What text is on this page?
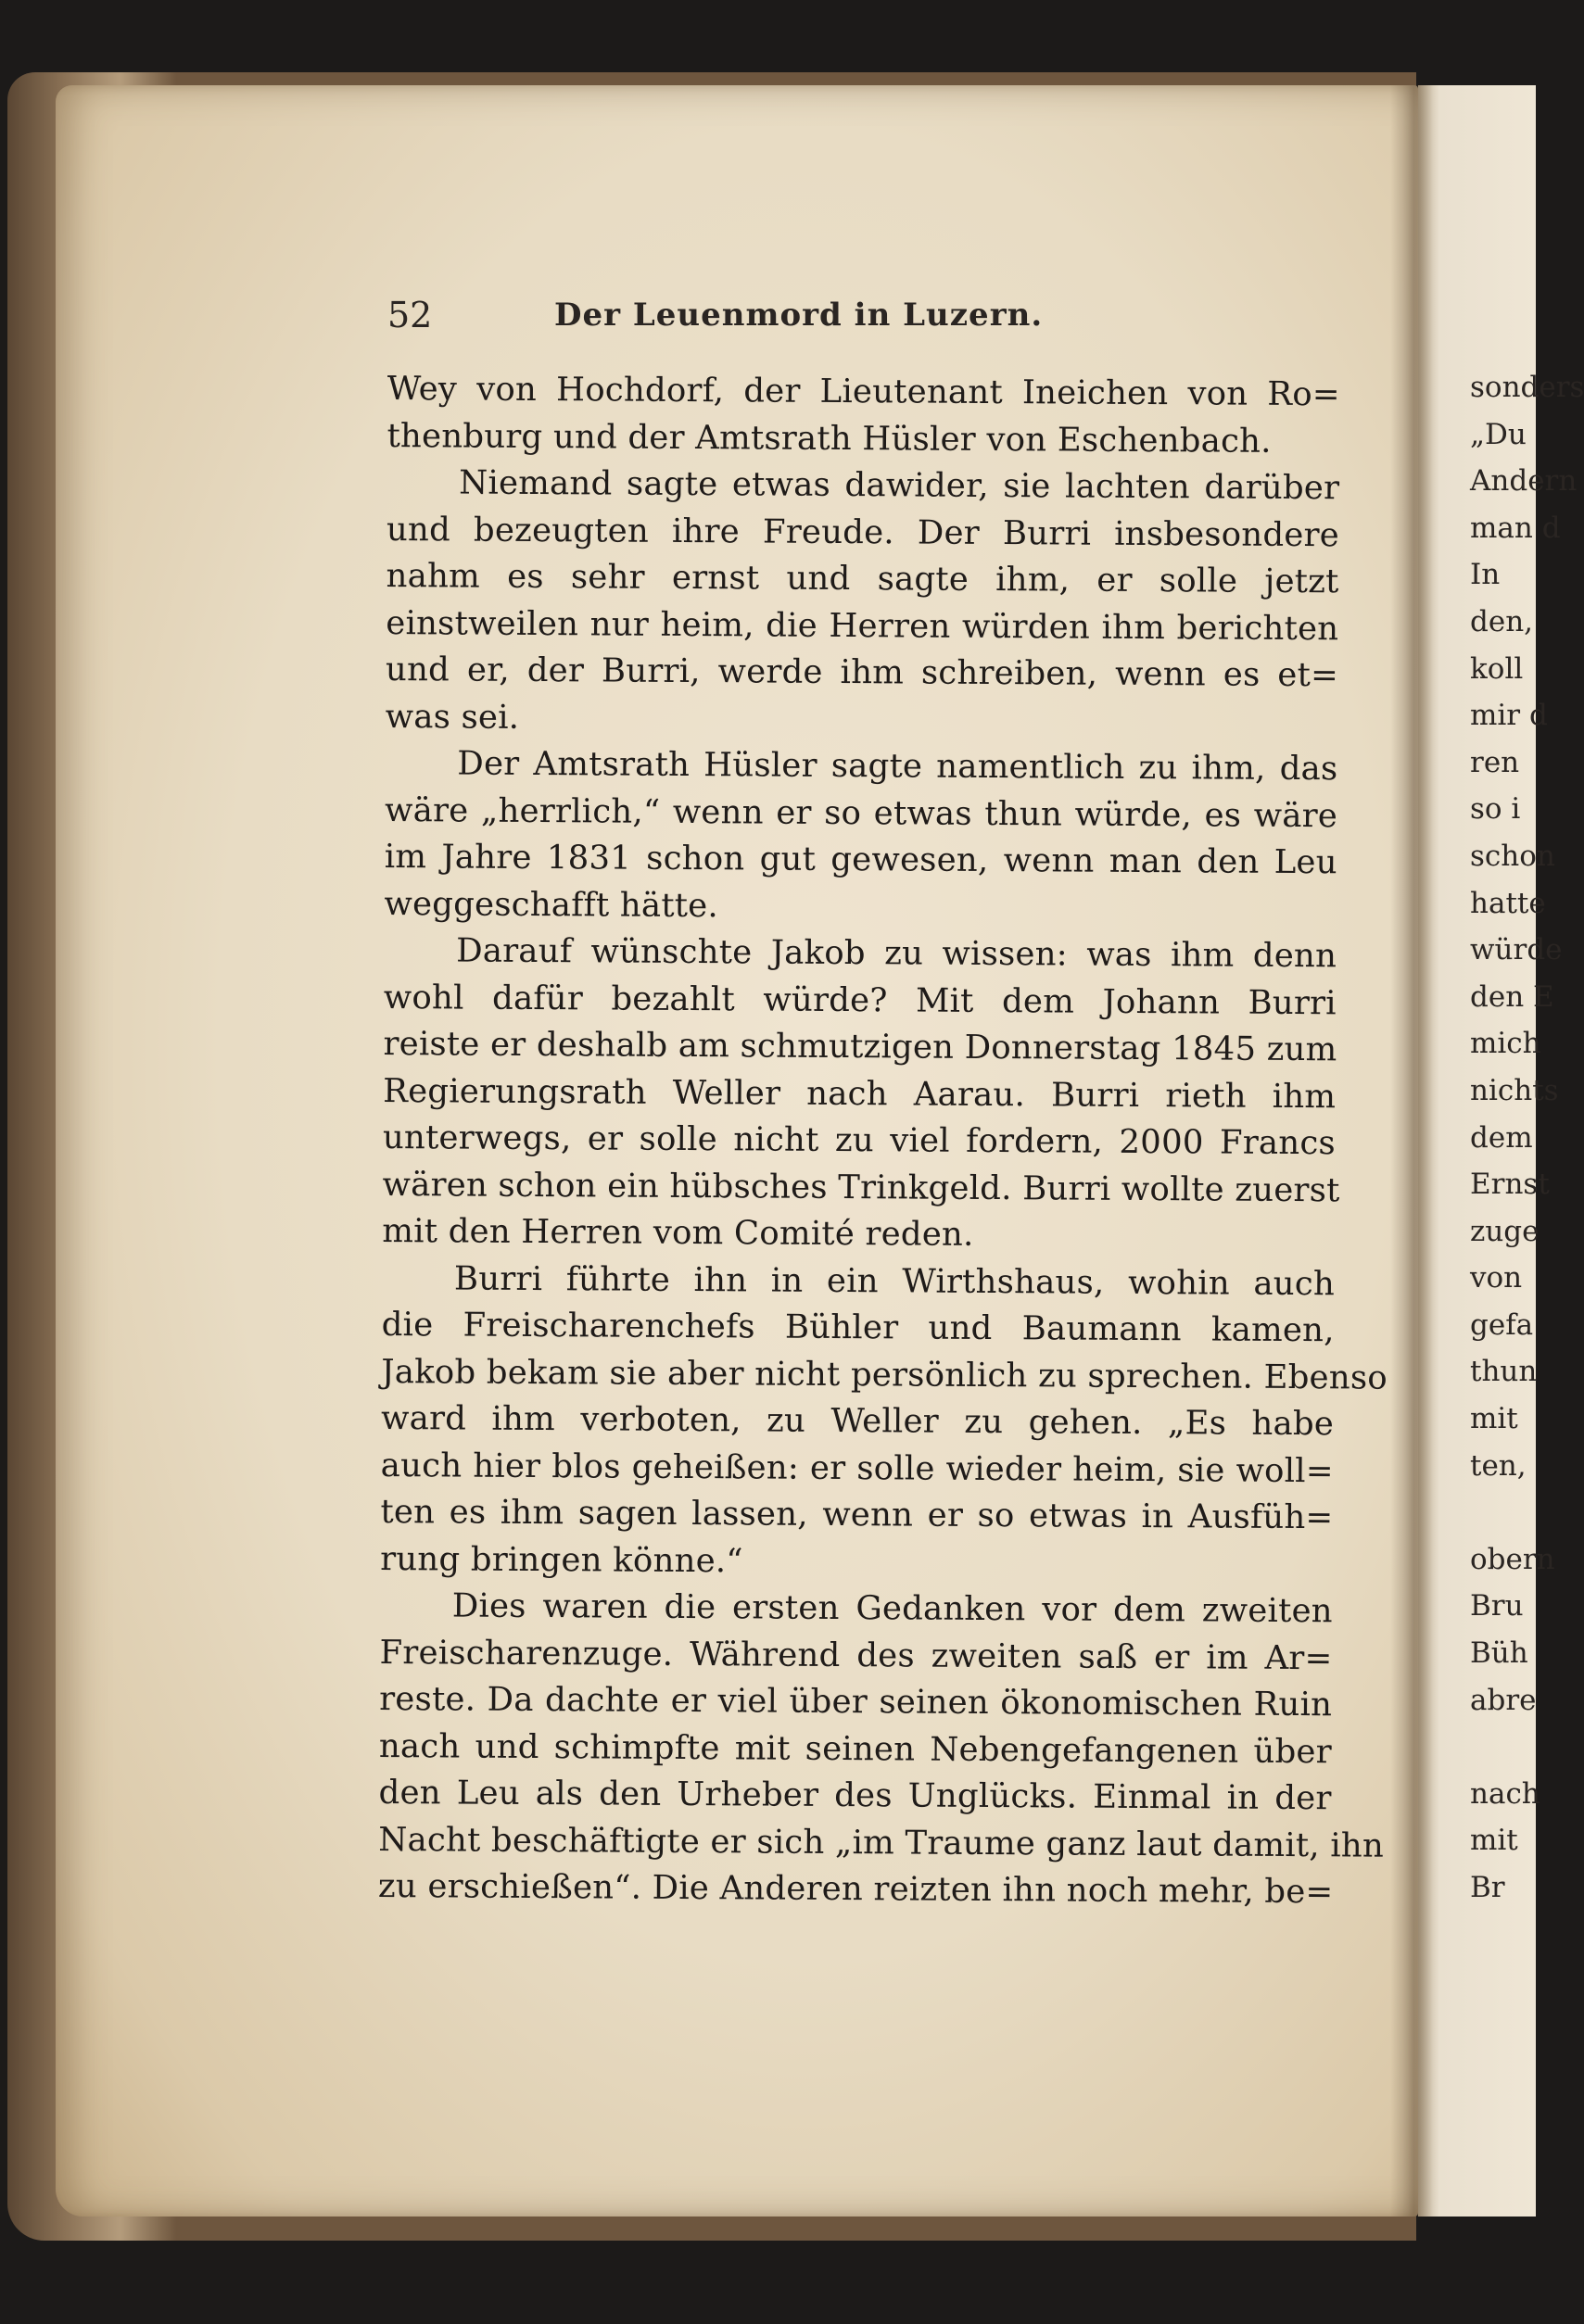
52	Der Leuenmord in Luzern.
Wey von Hochdorf, der Lieutenant Ineichen von Ro=
thenburg und der Amtsrath Hüsler von Eschenbach.
Niemand sagte etwas dawider, sie lachten darüber
und bezeugten ihre Freude. Der Burri insbesondere
nahm es sehr ernst und sagte ihm, er solle jetzt
einstweilen nur heim, die Herren würden ihm berichten
und er, der Burri, werde ihm schreiben, wenn es et=
was sei.
Der Amtsrath Hüsler sagte namentlich zu ihm, das
wäre „herrlich,“ wenn er so etwas thun würde, es wäre
im Jahre 1831 schon gut gewesen, wenn man den Leu
weggeschafft hätte.
Darauf wünschte Jakob zu wissen: was ihm denn
wohl dafür bezahlt würde? Mit dem Johann Burri
reiste er deshalb am schmutzigen Donnerstag 1845 zum
Regierungsrath Weller nach Aarau. Burri rieth ihm
unterwegs, er solle nicht zu viel fordern, 2000 Francs
wären schon ein hübsches Trinkgeld. Burri wollte zuerst
mit den Herren vom Comité reden.
Burri führte ihn in ein Wirthshaus, wohin auch
die Freischarenchefs Bühler und Baumann kamen,
Jakob bekam sie aber nicht persönlich zu sprechen. Ebenso
ward ihm verboten, zu Weller zu gehen. „Es habe
auch hier blos geheißen: er solle wieder heim, sie woll=
ten es ihm sagen lassen, wenn er so etwas in Ausfüh=
rung bringen könne.“
Dies waren die ersten Gedanken vor dem zweiten
Freischarenzuge. Während des zweiten saß er im Ar=
reste. Da dachte er viel über seinen ökonomischen Ruin
nach und schimpfte mit seinen Nebengefangenen über
den Leu als den Urheber des Unglücks. Einmal in der
Nacht beschäftigte er sich „im Traume ganz laut damit, ihn
zu erschießen“. Die Anderen reizten ihn noch mehr, be=
sonders
„Du
Andern
man d
In
den,
koll
mir d
ren
so i
schon
hatte
würde
den E
mich
nichts
dem
Ernst
zuge
von
gefa
thun
mit
ten,

obern
Bru
Büh
abre

nach
mit
Br
